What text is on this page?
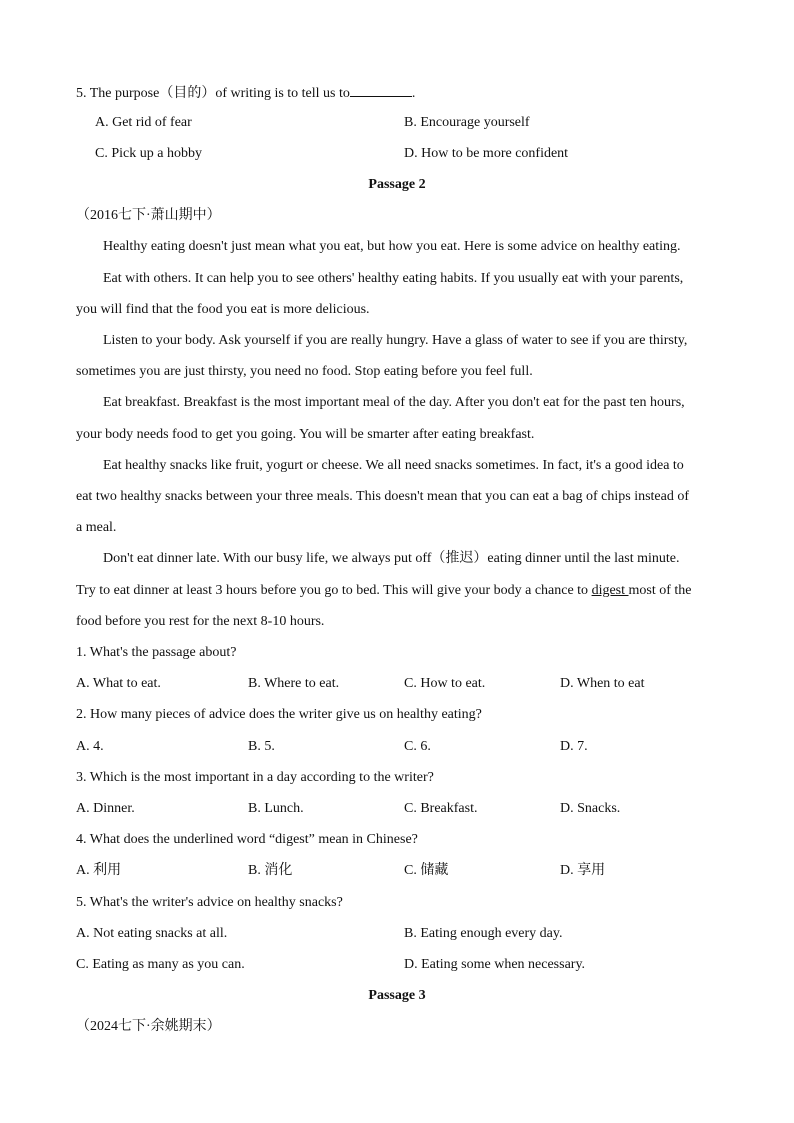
5. The purpose（目的）of writing is to tell us to	.
A. Get rid of fear	B. Encourage yourself
C. Pick up a hobby	D. How to be more confident
Passage 2
（2016七下·萧山期中）
Healthy eating doesn't just mean what you eat, but how you eat. Here is some advice on healthy eating.
Eat with others. It can help you to see others' healthy eating habits. If you usually eat with your parents,
you will find that the food you eat is more delicious.
Listen to your body. Ask yourself if you are really hungry. Have a glass of water to see if you are thirsty,
sometimes you are just thirsty, you need no food. Stop eating before you feel full.
Eat breakfast. Breakfast is the most important meal of the day. After you don't eat for the past ten hours,
your body needs food to get you going. You will be smarter after eating breakfast.
Eat healthy snacks like fruit, yogurt or cheese. We all need snacks sometimes. In fact, it's a good idea to
eat two healthy snacks between your three meals. This doesn't mean that you can eat a bag of chips instead of
a meal.
Don't eat dinner late. With our busy life, we always put off（推迟）eating dinner until the last minute.
Try to eat dinner at least 3 hours before you go to bed. This will give your body a chance to digest most of the
food before you rest for the next 8-10 hours.
1. What's the passage about?
A. What to eat.	B. Where to eat.	C. How to eat.	D. When to eat
2. How many pieces of advice does the writer give us on healthy eating?
A. 4.	B. 5.	C. 6.	D. 7.
3. Which is the most important in a day according to the writer?
A. Dinner.	B. Lunch.	C. Breakfast.	D. Snacks.
4. What does the underlined word “digest” mean in Chinese?
A. 利用	B. 消化	C. 储藏	D. 享用
5. What's the writer's advice on healthy snacks?
A. Not eating snacks at all.	B. Eating enough every day.
C. Eating as many as you can.	D. Eating some when necessary.
Passage 3
（2024七下·余姚期末）
